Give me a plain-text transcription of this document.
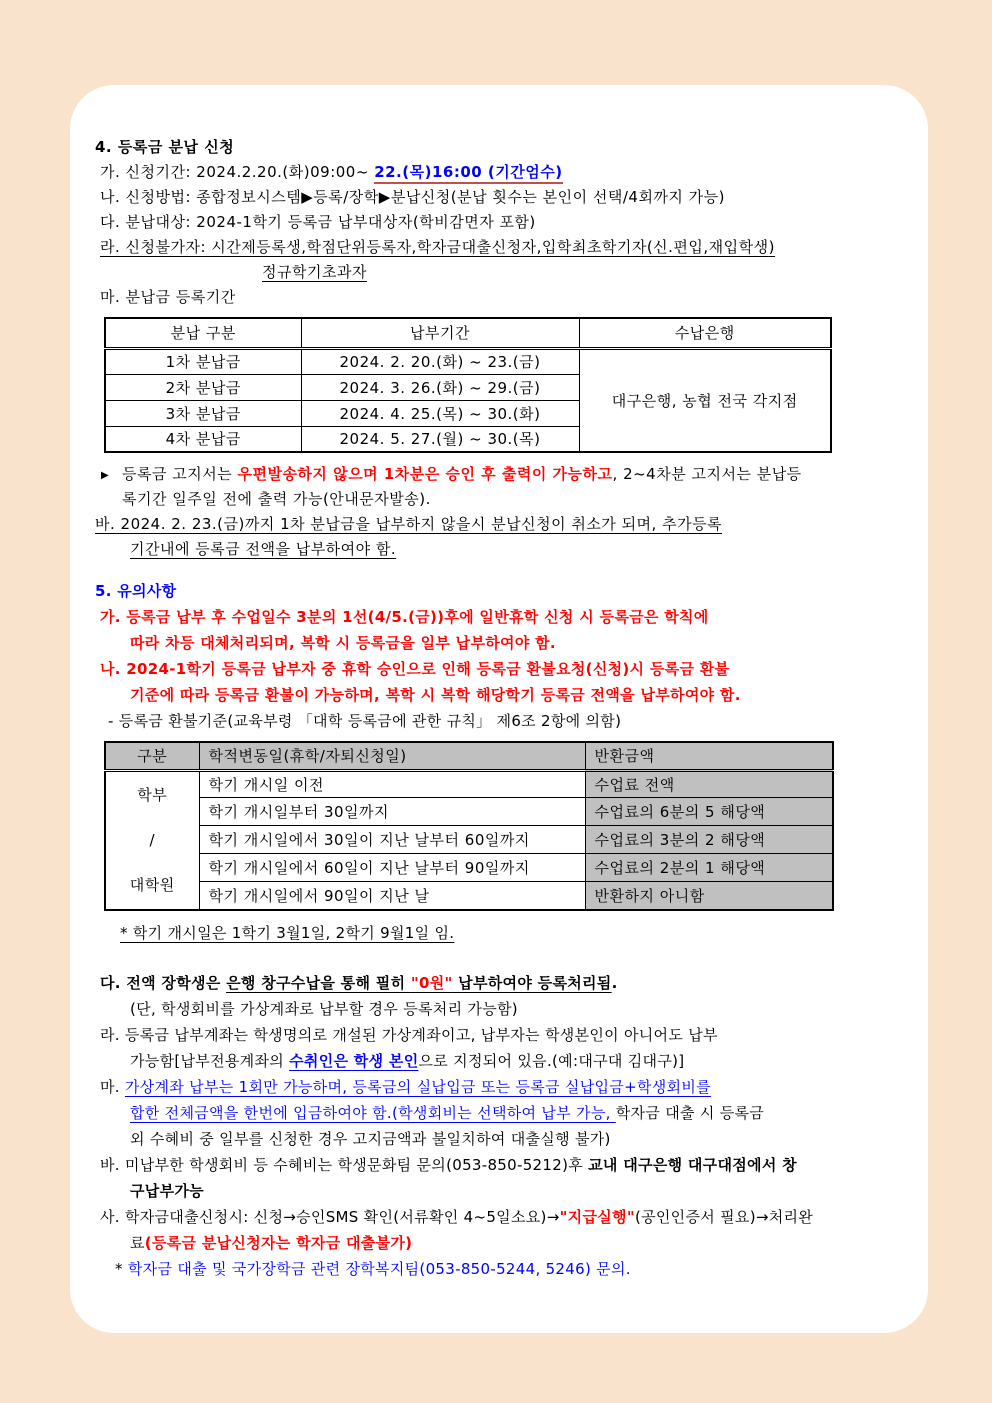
4. 등록금 분납 신청
가. 신청기간: 2024.2.20.(화)09:00~ 22.(목)16:00 (기간엄수)
나. 신청방법: 종합정보시스템▶등록/장학▶분납신청(분납 횟수는 본인이 선택/4회까지 가능)
다. 분납대상: 2024-1학기 등록금 납부대상자(학비감면자 포함)
라. 신청불가자: 시간제등록생,학점단위등록자,학자금대출신청자,입학최초학기자(신.편입,재입학생)
정규학기초과자
마. 분납금 등록기간
분납 구분	납부기간	수납은행
1차 분납금	2024. 2. 20.(화) ~ 23.(금)	대구은행, 농협 전국 각지점
2차 분납금	2024. 3. 26.(화) ~ 29.(금)	
3차 분납금	2024. 4. 25.(목) ~ 30.(화)	
4차 분납금	2024. 5. 27.(월) ~ 30.(목)	
▶ 등록금 고지서는 우편발송하지 않으며 1차분은 승인 후 출력이 가능하고, 2~4차분 고지서는 분납등
록기간 일주일 전에 출력 가능(안내문자발송).
바. 2024. 2. 23.(금)까지 1차 분납금을 납부하지 않을시 분납신청이 취소가 되며, 추가등록
기간내에 등록금 전액을 납부하여야 함.
5. 유의사항
가. 등록금 납부 후 수업일수 3분의 1선(4/5.(금))후에 일반휴학 신청 시 등록금은 학칙에
따라 차등 대체처리되며, 복학 시 등록금을 일부 납부하여야 함.
나. 2024-1학기 등록금 납부자 중 휴학 승인으로 인해 등록금 환불요청(신청)시 등록금 환불
기준에 따라 등록금 환불이 가능하며, 복학 시 복학 해당학기 등록금 전액을 납부하여야 함.
- 등록금 환불기준(교육부령 「대학 등록금에 관한 규칙」 제6조 2항에 의함)
구분	학적변동일(휴학/자퇴신청일)	반환금액

학부
/
대학원	학기 개시일 이전	수업료 전액
	학기 개시일부터 30일까지	수업료의 6분의 5 해당액
	학기 개시일에서 30일이 지난 날부터 60일까지	수업료의 3분의 2 해당액
	학기 개시일에서 60일이 지난 날부터 90일까지	수업료의 2분의 1 해당액
	학기 개시일에서 90일이 지난 날	반환하지 아니함
* 학기 개시일은 1학기 3월1일, 2학기 9월1일 임.
다. 전액 장학생은 은행 창구수납을 통해 필히 "0원" 납부하여야 등록처리됨.
(단, 학생회비를 가상계좌로 납부할 경우 등록처리 가능함)
라. 등록금 납부계좌는 학생명의로 개설된 가상계좌이고, 납부자는 학생본인이 아니어도 납부
가능함[납부전용계좌의 수취인은 학생 본인으로 지정되어 있음.(예:대구대 김대구)]
마. 가상계좌 납부는 1회만 가능하며, 등록금의 실납입금 또는 등록금 실납입금+학생회비를
합한 전체금액을 한번에 입금하여야 함.(학생회비는 선택하여 납부 가능, 학자금 대출 시 등록금
외 수혜비 중 일부를 신청한 경우 고지금액과 불일치하여 대출실행 불가)
바. 미납부한 학생회비 등 수혜비는 학생문화팀 문의(053-850-5212)후 교내 대구은행 대구대점에서 창
구납부가능
사. 학자금대출신청시: 신청→승인SMS 확인(서류확인 4~5일소요)→"지급실행"(공인인증서 필요)→처리완
료(등록금 분납신청자는 학자금 대출불가)
* 학자금 대출 및 국가장학금 관련 장학복지팀(053-850-5244, 5246) 문의.
